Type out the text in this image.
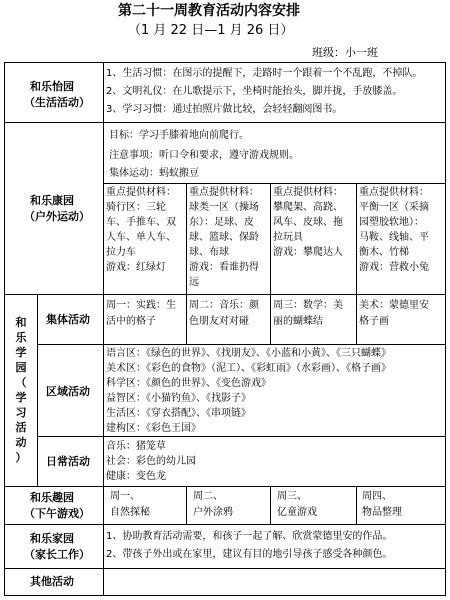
第二十一周教育活动内容安排
（1 月 22 日—1 月 26 日）
班级：小一班
和乐怡园
（生活活动）
1、生活习惯：在图示的提醒下，走路时一个跟着一个不乱跑，不掉队。
2、文明礼仪：在儿歌提示下，坐椅时能抬头，脚并拢，手放膝盖。
3、学习习惯：通过拍照片做比较，会轻轻翻阅图书。
和乐康园
（户外运动）
目标：学习手膝着地向前爬行。
注意事项：听口令和要求，遵守游戏规则。
集体运动：蚂蚁搬豆
重点提供材料：
骑行区：三轮
车、手推车、双
人车、单人车、
拉力车
游戏：红绿灯
重点提供材料：
球类一区（操场
东）：足球、皮
球、篮球、保龄
球、布球
游戏：看谁扔得
远
重点提供材料：
攀爬架、高跷、
风车、皮球、拖
拉玩具
游戏：攀爬达人
重点提供材料：
平衡一区（采摘
园塑胶软地）：
马鞍、线轴、平
衡木、竹梯
游戏：营救小兔
和
乐
学
园
（
学
习
活
动
）
集体活动
周一：实践：生
活中的格子
周二：音乐：颜
色朋友对对碰
周三：数学：美
丽的蝴蝶结
美术：蒙德里安
格子画
区域活动
语言区：《绿色的世界》、《找朋友》、《小蓝和小黄》、《三只蝴蝶》
美术区：《彩色的食物》（泥工）、《彩虹雨》（水彩画）、《格子画》
科学区：《颜色的世界》、《变色游戏》
益智区：《小猫钓鱼》、《找影子》
生活区：《穿衣搭配》、《串项链》
建构区：《彩色王国》
日常活动
音乐：猪笼草
社会：彩色的幼儿园
健康：变色龙
和乐趣园
（下午游戏）
周一、
自然探秘
周二、
户外涂鸦
周三、
亿童游戏
周四、
物品整理
和乐家园
（家长工作）
1、协助教育活动需要，和孩子一起了解、欣赏蒙德里安的作品。
2、带孩子外出或在家里，建议有目的地引导孩子感受各种颜色。
其他活动
